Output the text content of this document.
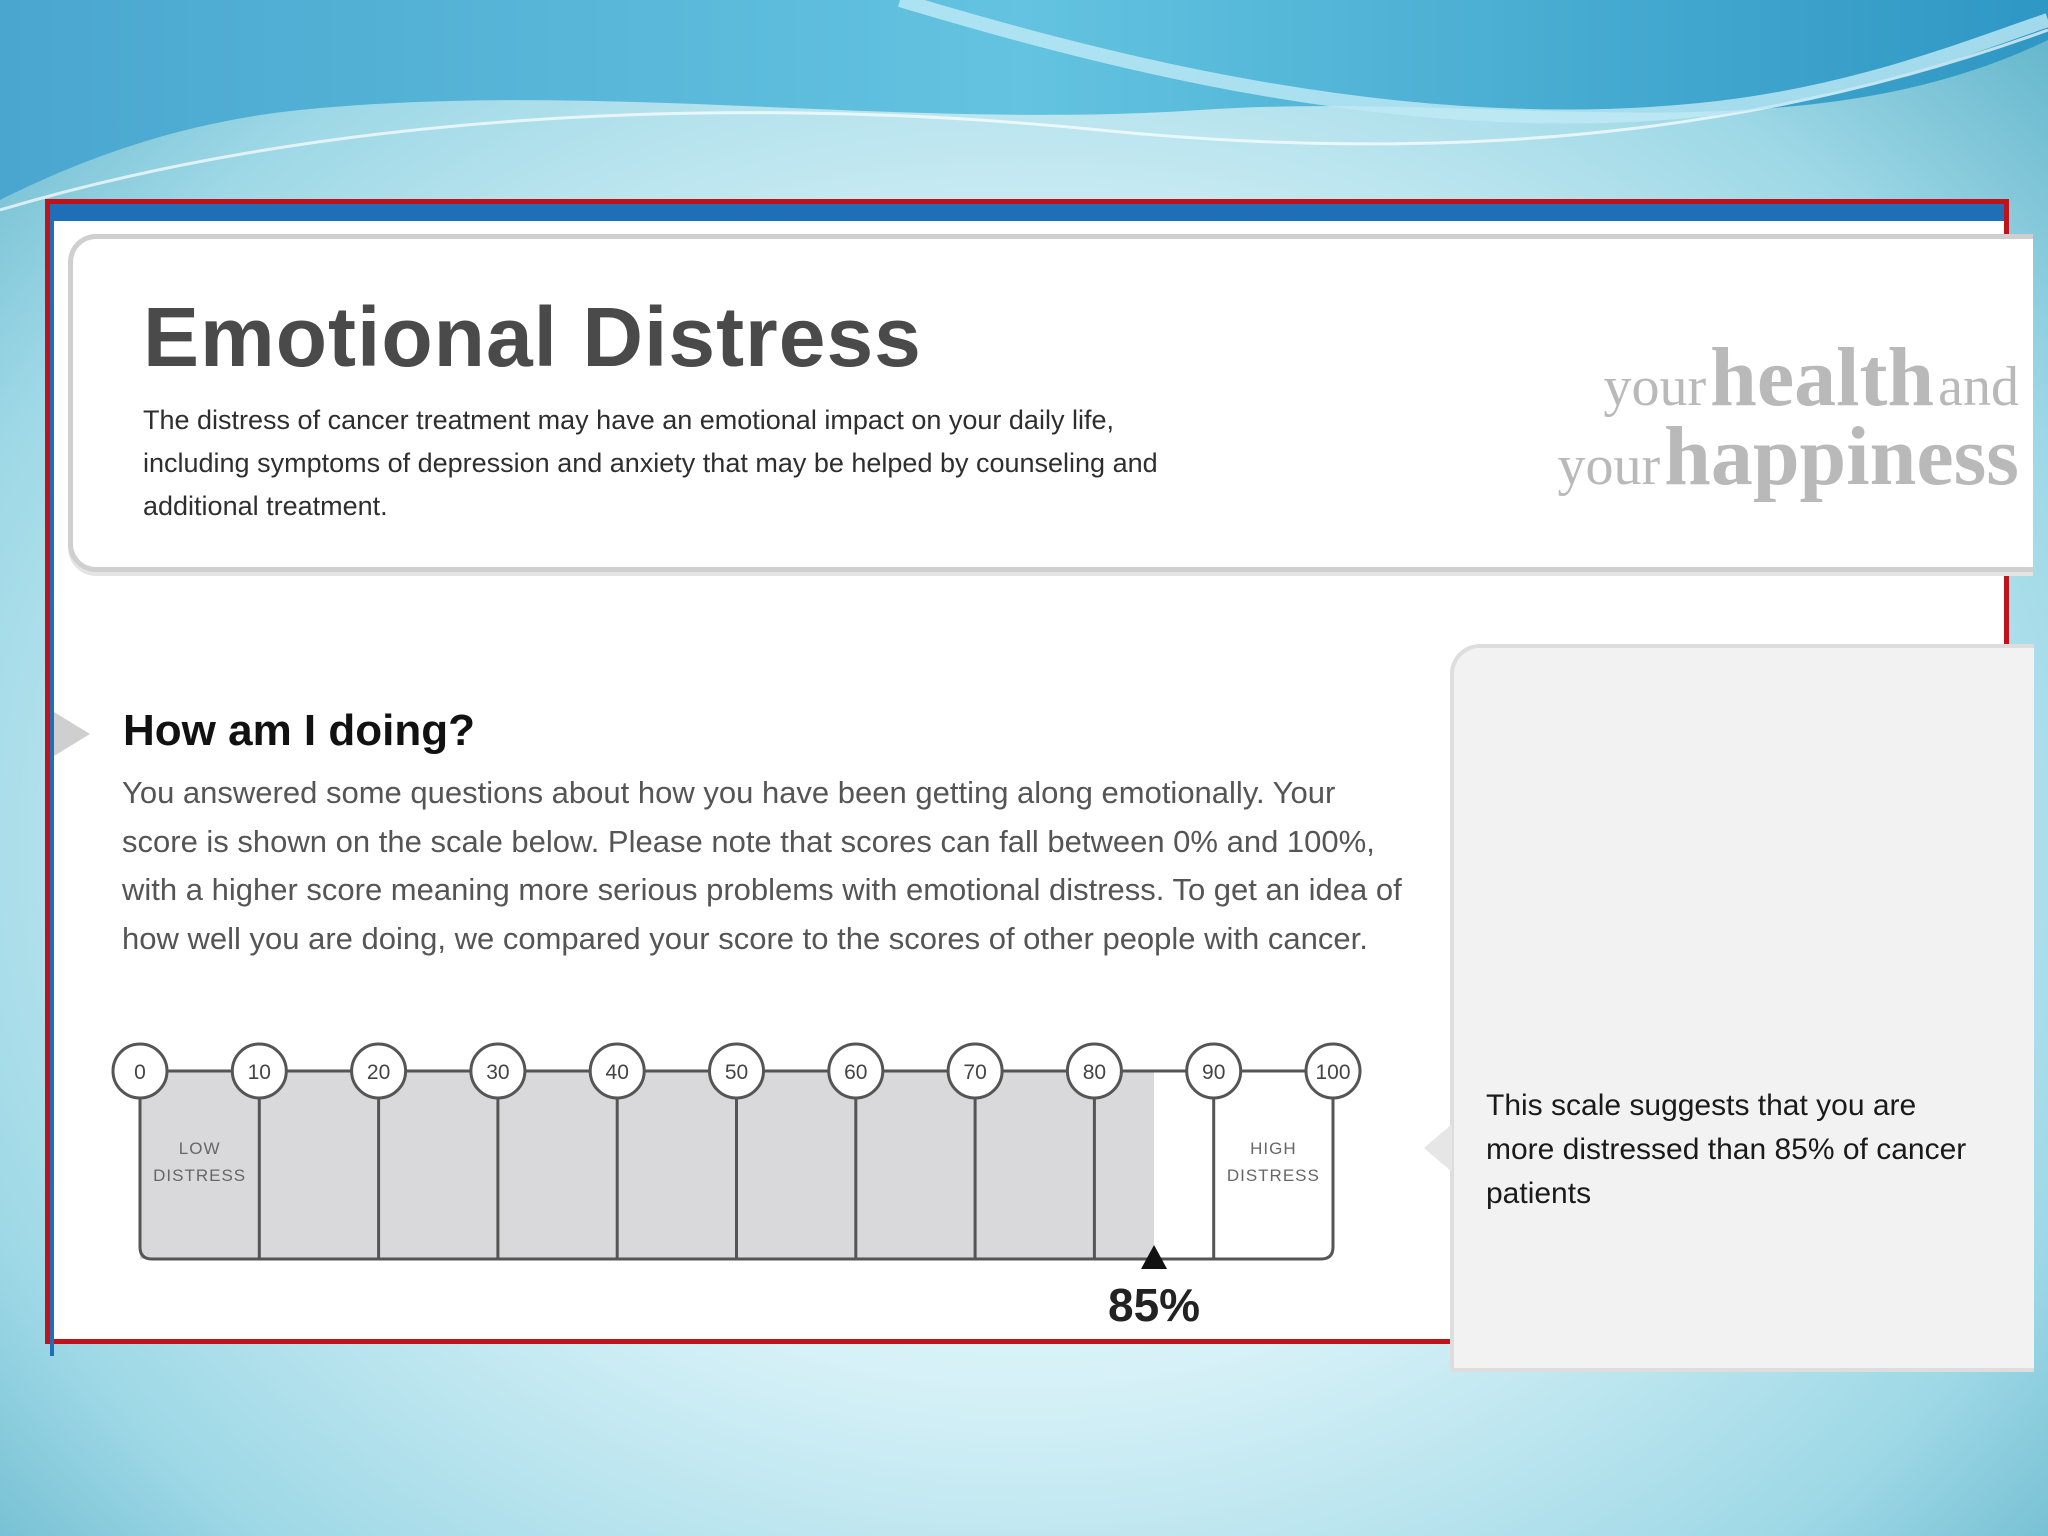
Emotional Distress

The distress of cancer treatment may have an emotional impact on your daily life, including symptoms of depression and anxiety that may be helped by counseling and additional treatment.

your health and
your happiness
How am I doing?

You answered some questions about how you have been getting along emotionally. Your score is shown on the scale below. Please note that scores can fall between 0% and 100%, with a higher score meaning more serious problems with emotional distress. To get an idea of how well you are doing, we compared your score to the scores of other people with cancer.

0	10	20	30	40	50	60	70	80	90	100
LOW
DISTRESS
HIGH
DISTRESS
85%

This scale suggests that you are more distressed than 85% of cancer patients
